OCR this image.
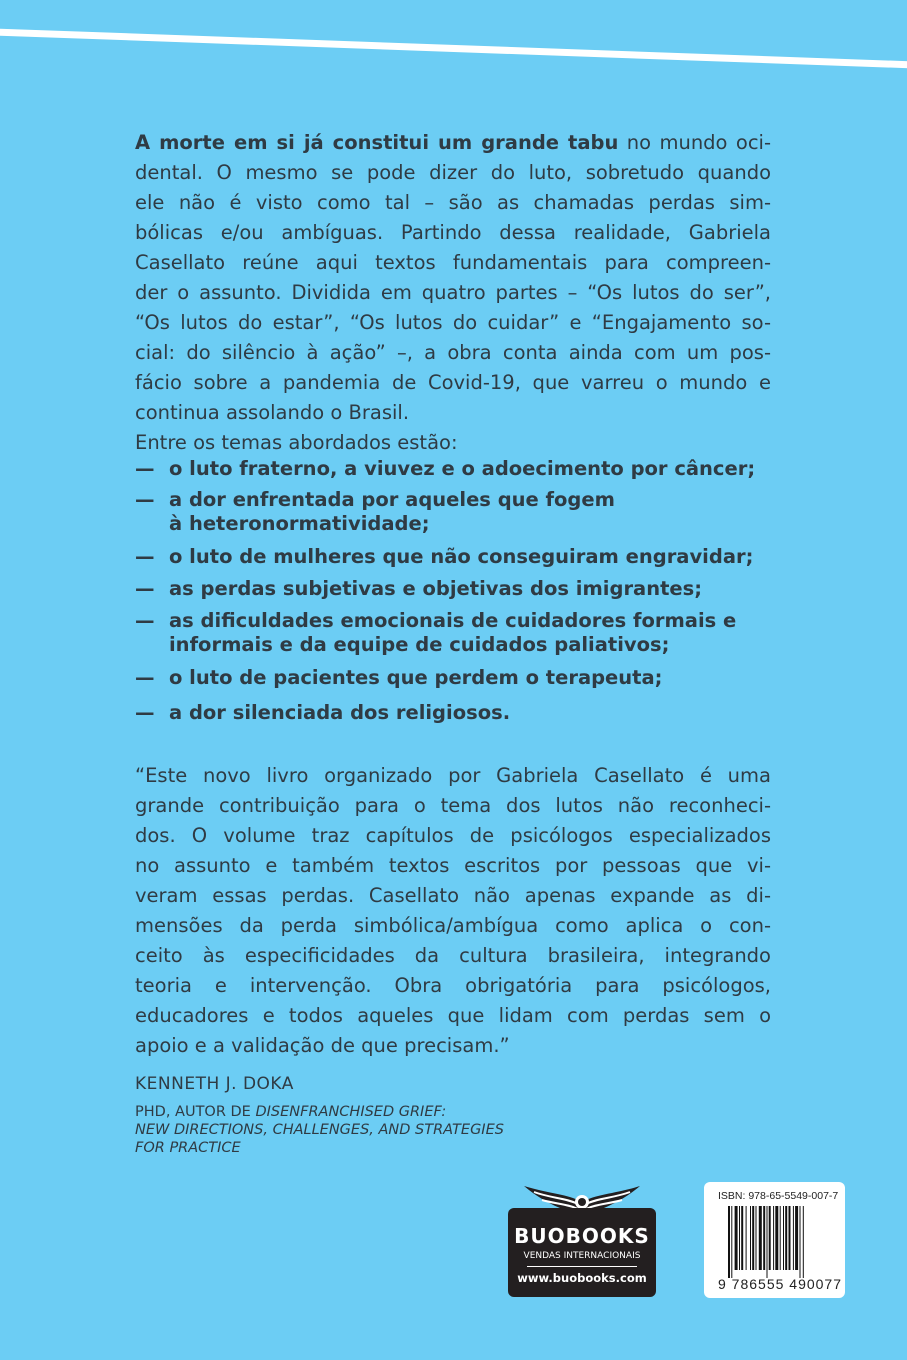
A morte em si já constitui um grande tabu no mundo oci-
dental. O mesmo se pode dizer do luto, sobretudo quando
ele não é visto como tal – são as chamadas perdas sim-
bólicas e/ou ambíguas. Partindo dessa realidade, Gabriela
Casellato reúne aqui textos fundamentais para compreen-
der o assunto. Dividida em quatro partes – “Os lutos do ser”,
“Os lutos do estar”, “Os lutos do cuidar” e “Engajamento so-
cial: do silêncio à ação” –, a obra conta ainda com um pos-
fácio sobre a pandemia de Covid-19, que varreu o mundo e
continua assolando o Brasil.
Entre os temas abordados estão:
— o luto fraterno, a viuvez e o adoecimento por câncer;
— a dor enfrentada por aqueles que fogem
à heteronormatividade;
— o luto de mulheres que não conseguiram engravidar;
— as perdas subjetivas e objetivas dos imigrantes;
— as dificuldades emocionais de cuidadores formais e
informais e da equipe de cuidados paliativos;
— o luto de pacientes que perdem o terapeuta;
— a dor silenciada dos religiosos.
“Este novo livro organizado por Gabriela Casellato é uma
grande contribuição para o tema dos lutos não reconheci-
dos. O volume traz capítulos de psicólogos especializados
no assunto e também textos escritos por pessoas que vi-
veram essas perdas. Casellato não apenas expande as di-
mensões da perda simbólica/ambígua como aplica o con-
ceito às especificidades da cultura brasileira, integrando
teoria e intervenção. Obra obrigatória para psicólogos,
educadores e todos aqueles que lidam com perdas sem o
apoio e a validação de que precisam.”
KENNETH J. DOKA
PHD, AUTOR DE DISENFRANCHISED GRIEF:
NEW DIRECTIONS, CHALLENGES, AND STRATEGIES
FOR PRACTICE
BUOBOOKS
VENDAS INTERNACIONAIS
www.buobooks.com
ISBN: 978-65-5549-007-7
9 786555 490077
